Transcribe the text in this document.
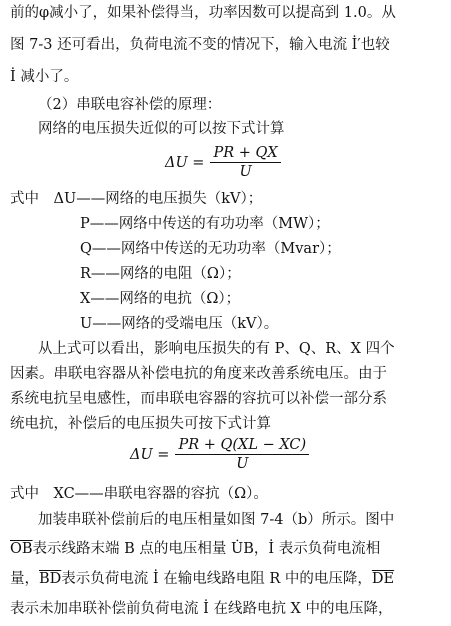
前的φ减小了，如果补偿得当，功率因数可以提高到 1.0。从
图 7-3 还可看出，负荷电流不变的情况下，输入电流 İ′也较
İ 减小了。
（2）串联电容补偿的原理：
网络的电压损失近似的可以按下式计算
$\Delta U = \frac{PR + QX}{U}$
式中　ΔU——网络的电压损失（kV）；
P——网络中传送的有功功率（MW）；
Q——网络中传送的无功功率（Mvar）；
R——网络的电阻（Ω）；
X——网络的电抗（Ω）；
U——网络的受端电压（kV）。
从上式可以看出，影响电压损失的有 P、Q、R、X 四个
因素。串联电容器从补偿电抗的角度来改善系统电压。由于
系统电抗呈电感性，而串联电容器的容抗可以补偿一部分系
统电抗，补偿后的电压损失可按下式计算
$\Delta U = \frac{PR + Q(XL - XC)}{U}$
式中　XC——串联电容器的容抗（Ω）。
加装串联补偿前后的电压相量如图 7-4（b）所示。图中
$\overline{OB}$表示线路末端 B 点的电压相量 U̇B，İ 表示负荷电流相
量，$\overline{BD}$表示负荷电流 İ 在输电线路电阻 R 中的电压降，$\overline{DE}$
表示未加串联补偿前负荷电流 İ 在线路电抗 X 中的电压降，
